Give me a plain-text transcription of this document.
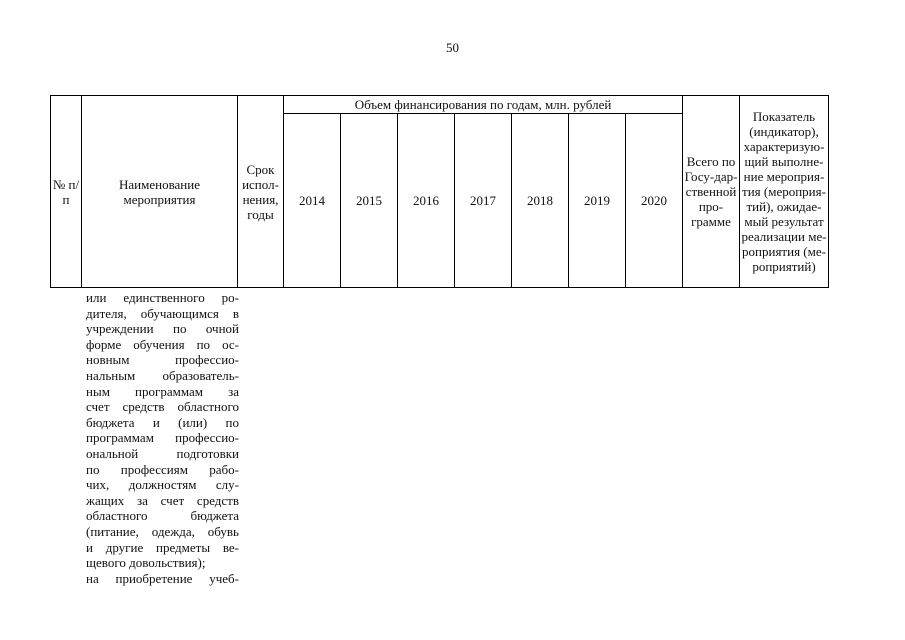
50
№ п/п	Наименование мероприятия	Срок испол-нения, годы	Объем финансирования по годам, млн. рублей							Всего по Госу-дар-ственной про-грамме	Показатель (индикатор), характеризую-щий выполне-ние мероприя-тия (мероприя-тий), ожидае-мый результат реализации ме-роприятия (ме-роприятий)
			2014	2015	2016	2017	2018	2019	2020		
или единственного ро-
дителя, обучающимся в
учреждении по очной
форме обучения по ос-
новным профессио-
нальным образователь-
ным программам за
счет средств областного
бюджета и (или) по
программам профессио-
ональной подготовки
по профессиям рабо-
чих, должностям слу-
жащих за счет средств
областного бюджета
(питание, одежда, обувь
и другие предметы ве-
щевого довольствия);
на приобретение учеб-
